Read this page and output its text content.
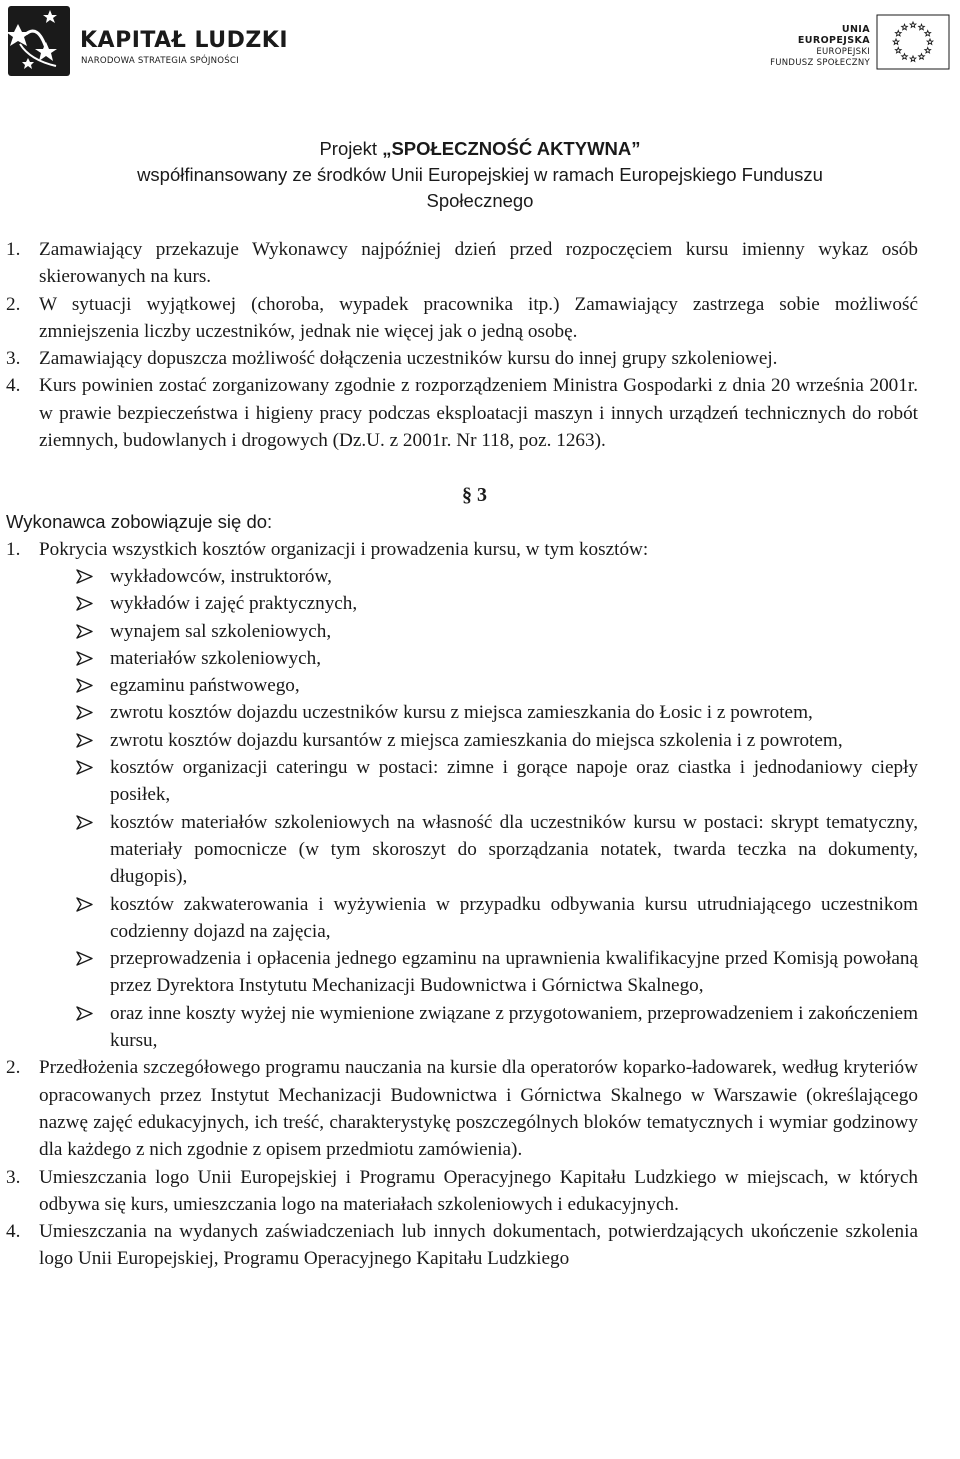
KAPITAŁ LUDZKI
NARODOWA STRATEGIA SPÓJNOŚCI
UNIA EUROPEJSKA
EUROPEJSKI
FUNDUSZ SPOŁECZNY
Projekt „SPOŁECZNOŚĆ AKTYWNA”
współfinansowany ze środków Unii Europejskiej w ramach Europejskiego Funduszu
Społecznego
1. Zamawiający przekazuje Wykonawcy najpóźniej dzień przed rozpoczęciem kursu imienny wykaz osób skierowanych na kurs.
2. W sytuacji wyjątkowej (choroba, wypadek pracownika itp.) Zamawiający zastrzega sobie możliwość zmniejszenia liczby uczestników, jednak nie więcej jak o jedną osobę.
3. Zamawiający dopuszcza możliwość dołączenia uczestników kursu do innej grupy szkoleniowej.
4. Kurs powinien zostać zorganizowany zgodnie z rozporządzeniem Ministra Gospodarki z dnia 20 września 2001r. w prawie bezpieczeństwa i higieny pracy podczas eksploatacji maszyn i innych urządzeń technicznych do robót ziemnych, budowlanych i drogowych (Dz.U. z 2001r. Nr 118, poz. 1263).
§ 3
Wykonawca zobowiązuje się do:
1. Pokrycia wszystkich kosztów organizacji i prowadzenia kursu, w tym kosztów:
wykładowców, instruktorów,
wykładów i zajęć praktycznych,
wynajem sal szkoleniowych,
materiałów szkoleniowych,
egzaminu państwowego,
zwrotu kosztów dojazdu uczestników kursu z miejsca zamieszkania do Łosic i z powrotem,
zwrotu kosztów dojazdu kursantów z miejsca zamieszkania do miejsca szkolenia i z powrotem,
kosztów organizacji cateringu w postaci: zimne i gorące napoje oraz ciastka i jednodaniowy ciepły posiłek,
kosztów materiałów szkoleniowych na własność dla uczestników kursu w postaci: skrypt tematyczny, materiały pomocnicze (w tym skoroszyt do sporządzania notatek, twarda teczka na dokumenty, długopis),
kosztów zakwaterowania i wyżywienia w przypadku odbywania kursu utrudniającego uczestnikom codzienny dojazd na zajęcia,
przeprowadzenia i opłacenia jednego egzaminu na uprawnienia kwalifikacyjne przed Komisją powołaną przez Dyrektora Instytutu Mechanizacji Budownictwa i Górnictwa Skalnego,
oraz inne koszty wyżej nie wymienione związane z przygotowaniem, przeprowadzeniem i zakończeniem kursu,
2. Przedłożenia szczegółowego programu nauczania na kursie dla operatorów koparko-ładowarek, według kryteriów opracowanych przez Instytut Mechanizacji Budownictwa i Górnictwa Skalnego w Warszawie (określającego nazwę zajęć edukacyjnych, ich treść, charakterystykę poszczególnych bloków tematycznych i wymiar godzinowy dla każdego z nich zgodnie z opisem przedmiotu zamówienia).
3. Umieszczania logo Unii Europejskiej i Programu Operacyjnego Kapitału Ludzkiego w miejscach, w których odbywa się kurs, umieszczania logo na materiałach szkoleniowych i edukacyjnych.
4. Umieszczania na wydanych zaświadczeniach lub innych dokumentach, potwierdzających ukończenie szkolenia logo Unii Europejskiej, Programu Operacyjnego Kapitału Ludzkiego
